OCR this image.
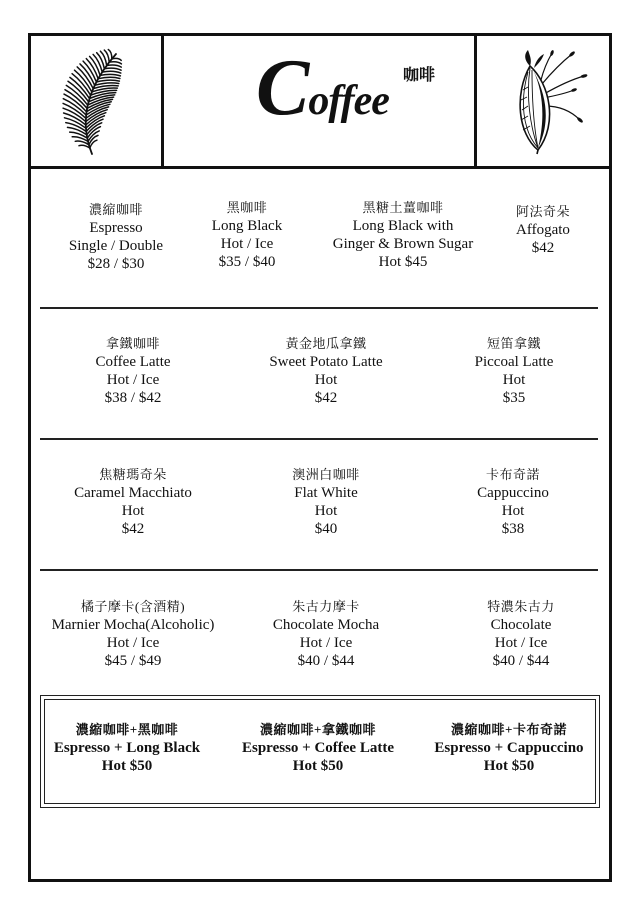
Coffee
咖啡
濃縮咖啡
Espresso
Single / Double
$28 / $30
黑咖啡
Long Black
Hot / Ice
$35 / $40
黑糖土薑咖啡
Long Black with
Ginger & Brown Sugar
Hot $45
阿法奇朵
Affogato
$42
拿鐵咖啡
Coffee Latte
Hot / Ice
$38 / $42
黃金地瓜拿鐵
Sweet Potato Latte
Hot
$42
短笛拿鐵
Piccoal Latte
Hot
$35
焦糖瑪奇朵
Caramel Macchiato
Hot
$42
澳洲白咖啡
Flat White
Hot
$40
卡布奇諾
Cappuccino
Hot
$38
橘子摩卡(含酒精)
Marnier Mocha(Alcoholic)
Hot / Ice
$45 / $49
朱古力摩卡
Chocolate Mocha
Hot / Ice
$40 / $44
特濃朱古力
Chocolate
Hot / Ice
$40 / $44
濃縮咖啡+黑咖啡
Espresso + Long Black
Hot $50
濃縮咖啡+拿鐵咖啡
Espresso + Coffee Latte
Hot $50
濃縮咖啡+卡布奇諾
Espresso + Cappuccino
Hot $50
